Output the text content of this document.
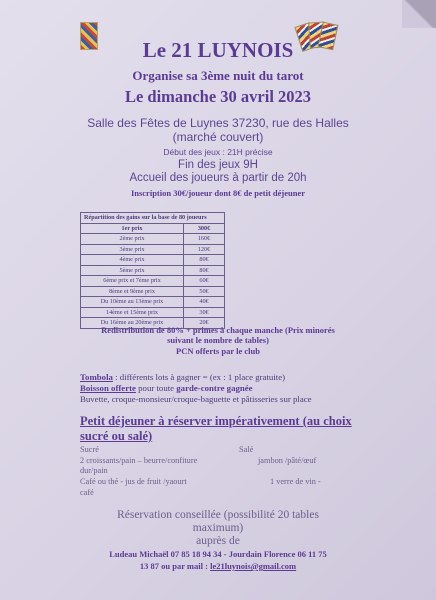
Le 21 LUYNOIS
Organise sa 3ème nuit du tarot
Le dimanche 30 avril 2023
Salle des Fêtes de Luynes 37230, rue des Halles
(marché couvert)
Début des jeux : 21H précise
Fin des jeux 9H
Accueil des joueurs à partir de 20h
Inscription 30€/joueur dont 8€ de petit déjeuner
Répartition des gains sur la base de 80 joueurs	
1er prix	300€
2ème prix	160€
3ème prix	120€
4ème prix	80€
5ème prix	80€
6ème prix et 7ème prix	60€
8ème et 9ème prix	50€
Du 10ème au 13ème prix	40€
14ème et 15ème prix	30€
Du 16ème au 20ème prix	20€
Redistribution de 80% + primes à chaque manche (Prix minorés
suivant le nombre de tables)
PCN offerts par le club
Tombola : différents lots à gagner = (ex : 1 place gratuite)
Boisson offerte pour toute garde-contre gagnée
Buvette, croque-monsieur/croque-baguette et pâtisseries sur place
Petit déjeuner à réserver impérativement (au choix
sucré ou salé)
Sucré	Salé
2 croissants/pain – beurre/confiture	jambon /pâté/œuf
dur/pain
Café ou thé - jus de fruit /yaourt	1 verre de vin -
café
Réservation conseillée (possibilité 20 tables
maximum)
auprès de
Ludeau Michaël 07 85 18 94 34 - Jourdain Florence 06 11 75
13 87 ou par mail : le21luynois@gmail.com
